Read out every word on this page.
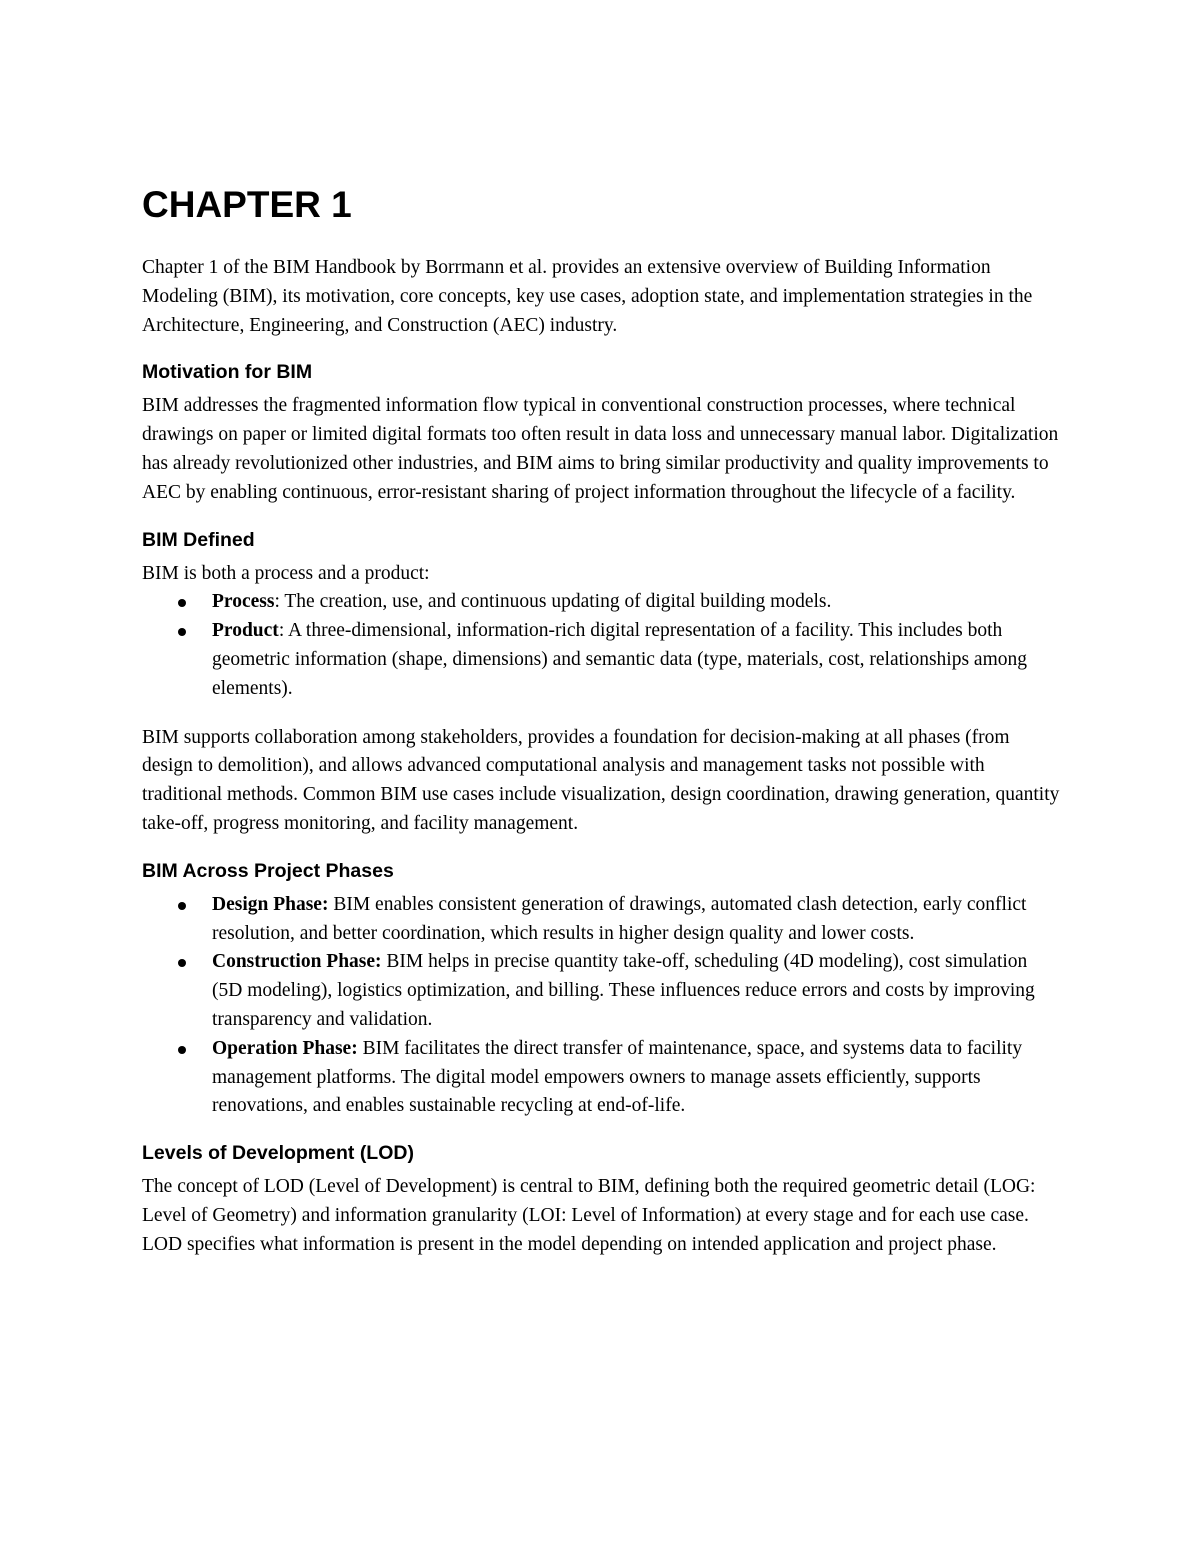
CHAPTER 1

Chapter 1 of the BIM Handbook by Borrmann et al. provides an extensive overview of Building Information Modeling (BIM), its motivation, core concepts, key use cases, adoption state, and implementation strategies in the Architecture, Engineering, and Construction (AEC) industry.

Motivation for BIM

BIM addresses the fragmented information flow typical in conventional construction processes, where technical drawings on paper or limited digital formats too often result in data loss and unnecessary manual labor. Digitalization has already revolutionized other industries, and BIM aims to bring similar productivity and quality improvements to AEC by enabling continuous, error-resistant sharing of project information throughout the lifecycle of a facility.

BIM Defined

BIM is both a process and a product:

Process: The creation, use, and continuous updating of digital building models.
Product: A three-dimensional, information-rich digital representation of a facility. This includes both geometric information (shape, dimensions) and semantic data (type, materials, cost, relationships among elements).

BIM supports collaboration among stakeholders, provides a foundation for decision-making at all phases (from design to demolition), and allows advanced computational analysis and management tasks not possible with traditional methods. Common BIM use cases include visualization, design coordination, drawing generation, quantity take-off, progress monitoring, and facility management.

BIM Across Project Phases
Design Phase: BIM enables consistent generation of drawings, automated clash detection, early conflict resolution, and better coordination, which results in higher design quality and lower costs.
Construction Phase: BIM helps in precise quantity take-off, scheduling (4D modeling), cost simulation (5D modeling), logistics optimization, and billing. These influences reduce errors and costs by improving transparency and validation.
Operation Phase: BIM facilitates the direct transfer of maintenance, space, and systems data to facility management platforms. The digital model empowers owners to manage assets efficiently, supports renovations, and enables sustainable recycling at end-of-life.
Levels of Development (LOD)

The concept of LOD (Level of Development) is central to BIM, defining both the required geometric detail (LOG: Level of Geometry) and information granularity (LOI: Level of Information) at every stage and for each use case. LOD specifies what information is present in the model depending on intended application and project phase.
